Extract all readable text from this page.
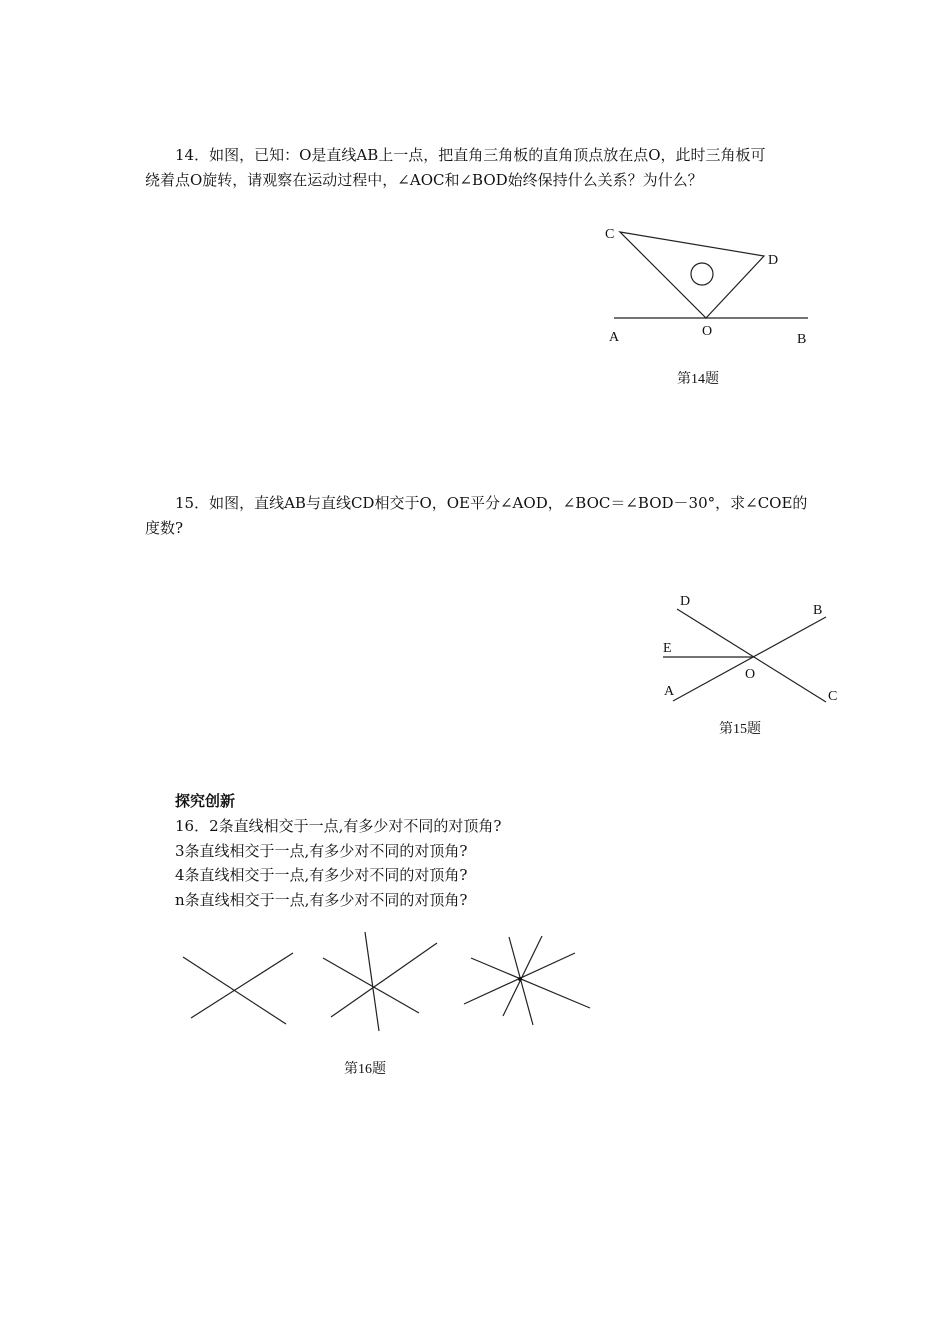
14．如图，已知：O是直线AB上一点，把直角三角板的直角顶点放在点O，此时三角板可
绕着点O旋转，请观察在运动过程中，∠AOC和∠BOD始终保持什么关系？为什么？
15．如图，直线AB与直线CD相交于O，OE平分∠AOD，∠BOC＝∠BOD－30°，求∠COE的
度数?
探究创新
16．2条直线相交于一点,有多少对不同的对顶角?
3条直线相交于一点,有多少对不同的对顶角?
4条直线相交于一点,有多少对不同的对顶角?
n条直线相交于一点,有多少对不同的对顶角?
C
D
A	O
B
第14题
D
B
E
O
A	C
第15题
第16题
